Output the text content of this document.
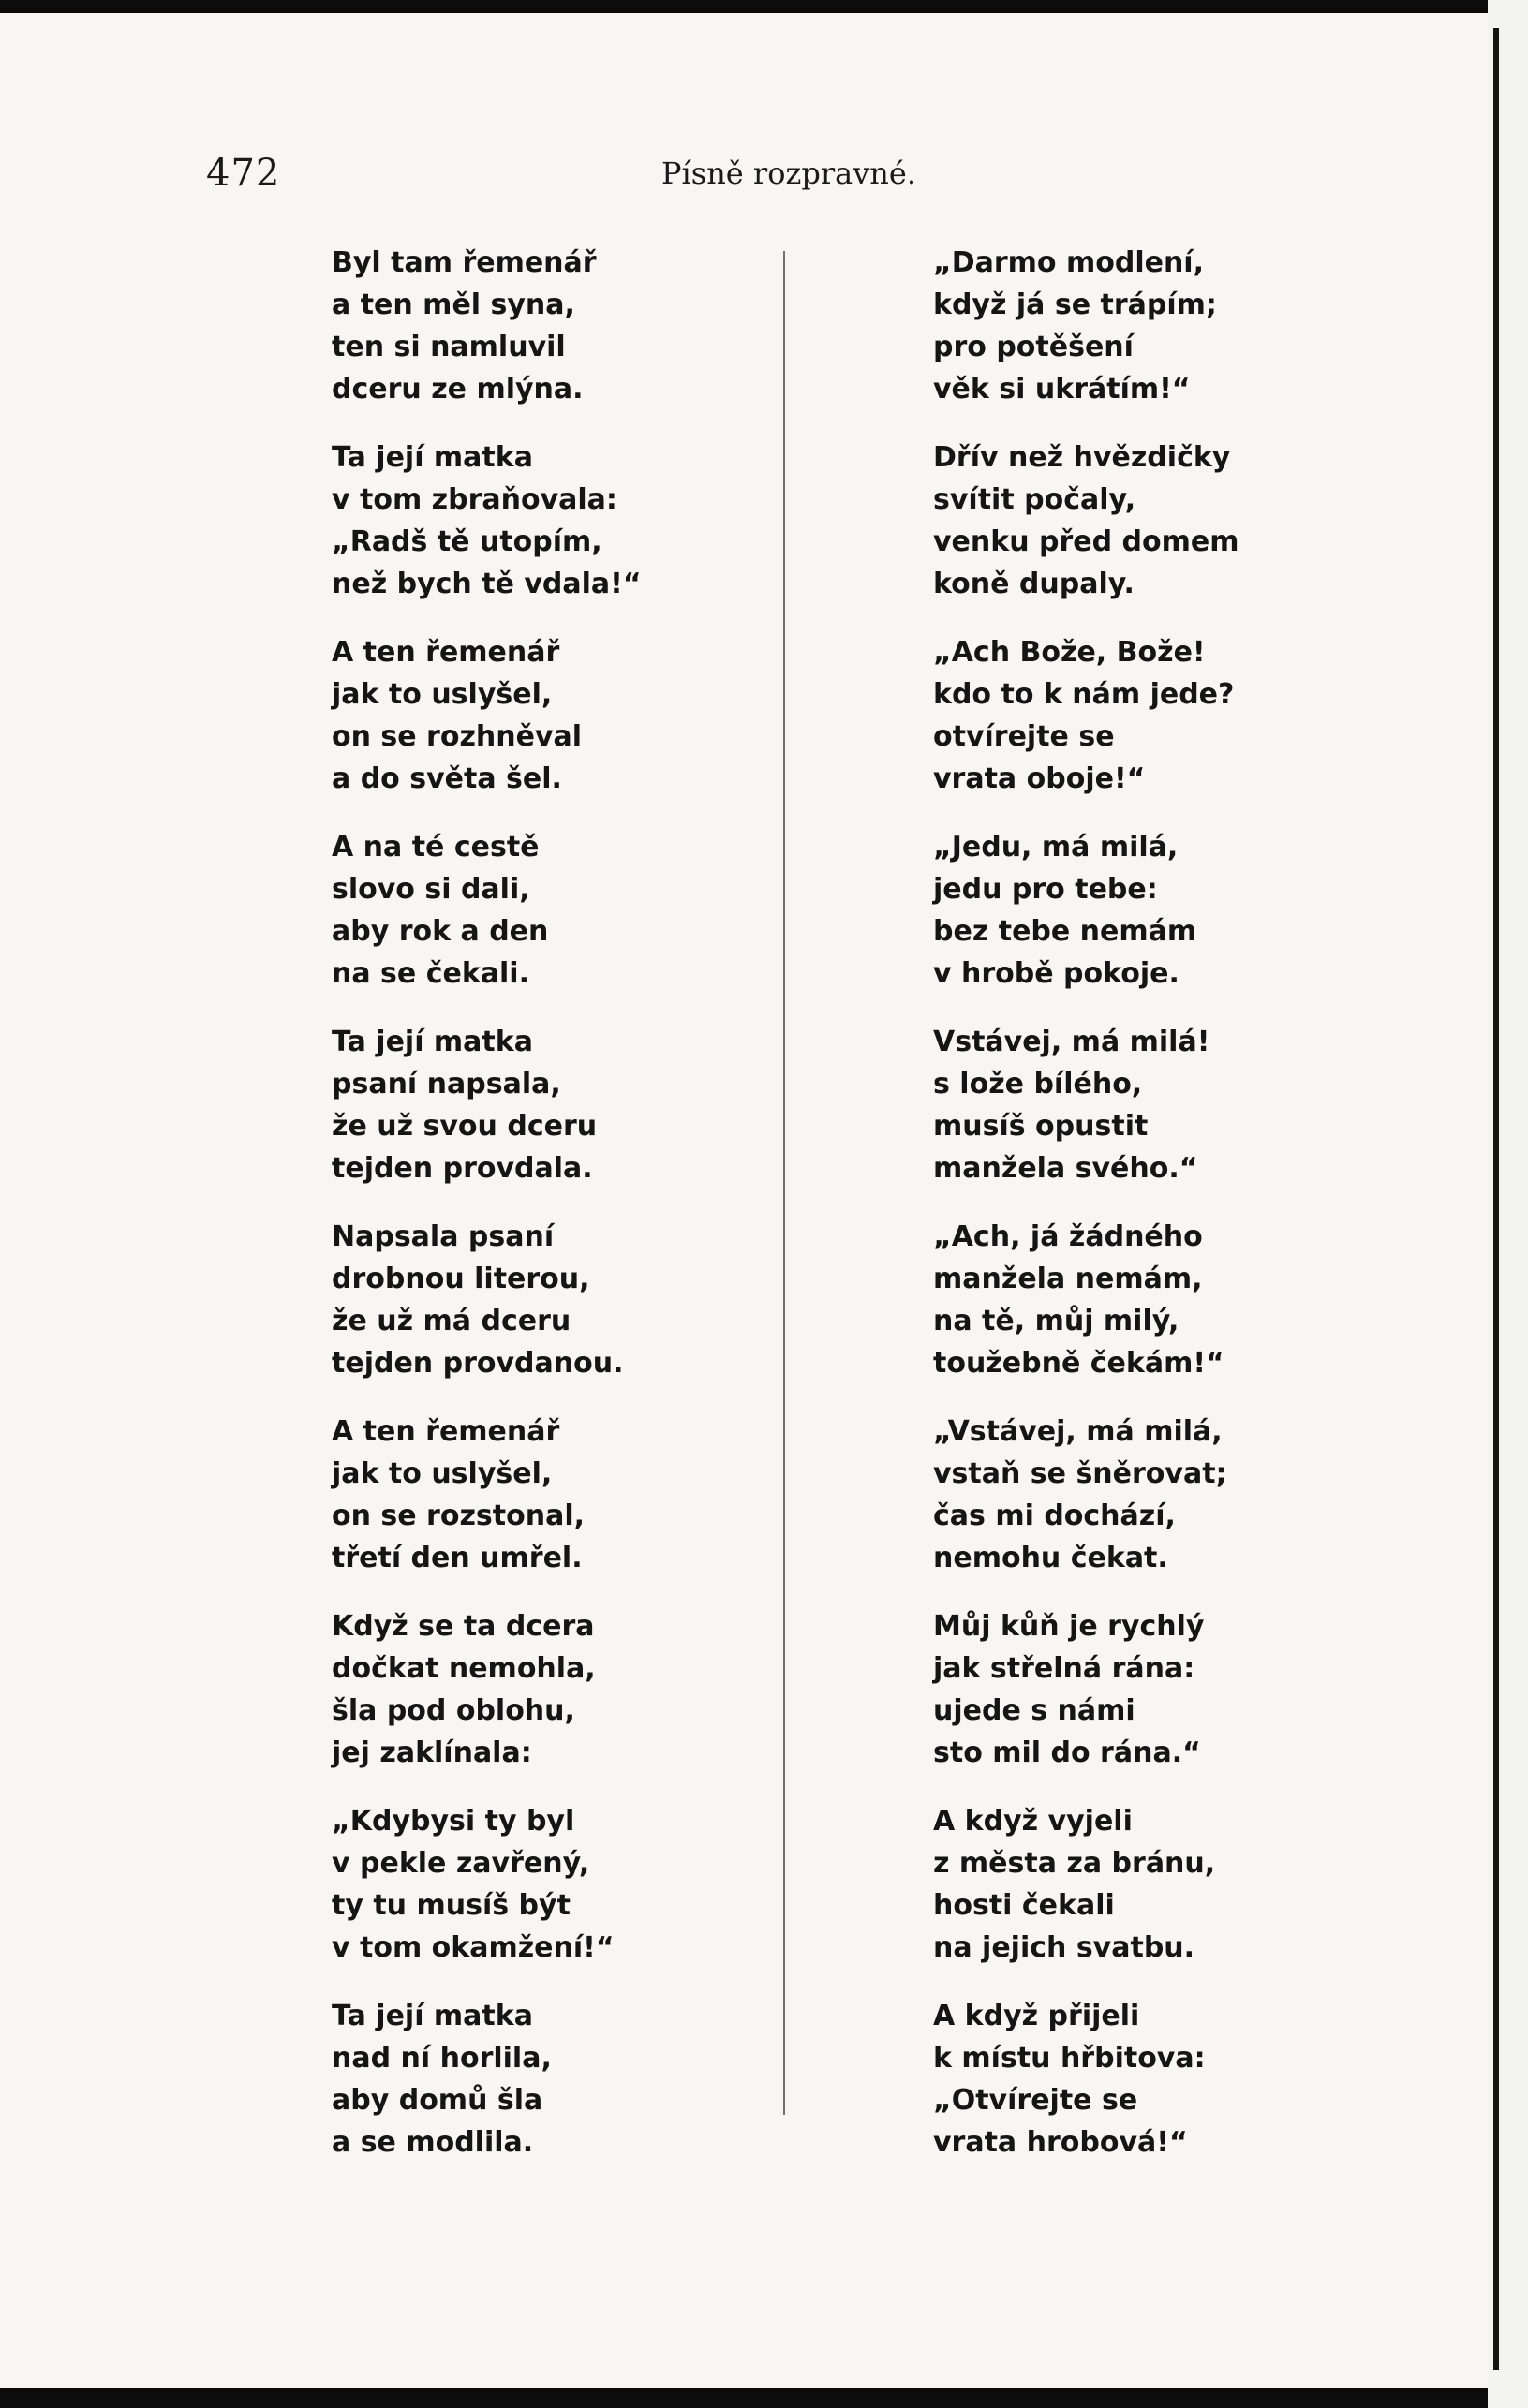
472	Písně rozpravné.
Byl tam řemenář
a ten měl syna,
ten si namluvil
dceru ze mlýna.
Ta její matka
v tom zbraňovala:
„Radš tě utopím,
než bych tě vdala!“
A ten řemenář
jak to uslyšel,
on se rozhněval
a do světa šel.
A na té cestě
slovo si dali,
aby rok a den
na se čekali.
Ta její matka
psaní napsala,
že už svou dceru
tejden provdala.
Napsala psaní
drobnou literou,
že už má dceru
tejden provdanou.
A ten řemenář
jak to uslyšel,
on se rozstonal,
třetí den umřel.
Když se ta dcera
dočkat nemohla,
šla pod oblohu,
jej zaklínala:
„Kdybysi ty byl
v pekle zavřený,
ty tu musíš být
v tom okamžení!“
Ta její matka
nad ní horlila,
aby domů šla
a se modlila.
„Darmo modlení,
když já se trápím;
pro potěšení
věk si ukrátím!“
Dřív než hvězdičky
svítit počaly,
venku před domem
koně dupaly.
„Ach Bože, Bože!
kdo to k nám jede?
otvírejte se
vrata oboje!“
„Jedu, má milá,
jedu pro tebe:
bez tebe nemám
v hrobě pokoje.
Vstávej, má milá!
s lože bílého,
musíš opustit
manžela svého.“
„Ach, já žádného
manžela nemám,
na tě, můj milý,
toužebně čekám!“
„Vstávej, má milá,
vstaň se šněrovat;
čas mi dochází,
nemohu čekat.
Můj kůň je rychlý
jak střelná rána:
ujede s námi
sto mil do rána.“
A když vyjeli
z města za bránu,
hosti čekali
na jejich svatbu.
A když přijeli
k místu hřbitova:
„Otvírejte se
vrata hrobová!“
